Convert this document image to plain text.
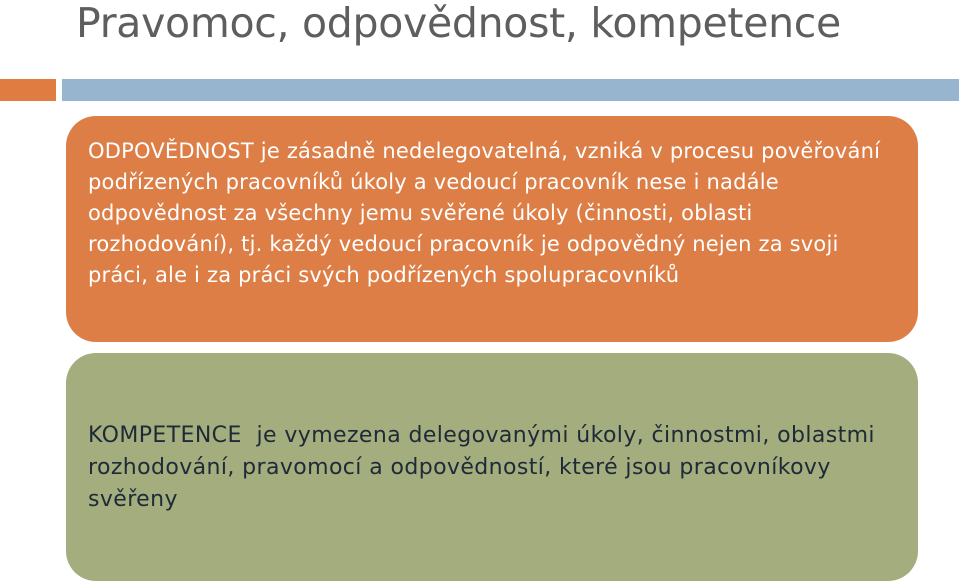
Pravomoc, odpovědnost, kompetence

ODPOVĚDNOST je zásadně nedelegovatelná, vzniká v procesu pověřování podřízených pracovníků úkoly a vedoucí pracovník nese i nadále odpovědnost za všechny jemu svěřené úkoly (činnosti, oblasti rozhodování), tj. každý vedoucí pracovník je odpovědný nejen za svoji práci, ale i za práci svých podřízených spolupracovníků

KOMPETENCE  je vymezena delegovanými úkoly, činnostmi, oblastmi rozhodování, pravomocí a odpovědností, které jsou pracovníkovy svěřeny
